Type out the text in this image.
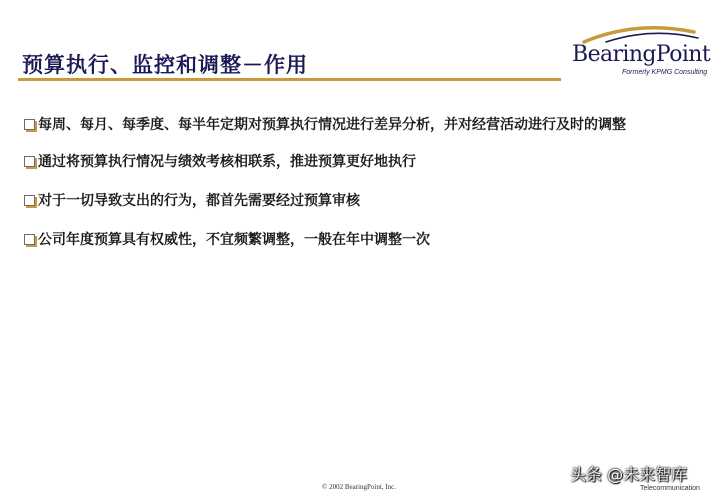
预算执行、监控和调整－作用	BearingPoint
Formerly KPMG Consulting
每周、每月、每季度、每半年定期对预算执行情况进行差异分析，并对经营活动进行及时的调整
通过将预算执行情况与绩效考核相联系，推进预算更好地执行
对于一切导致支出的行为，都首先需要经过预算审核
公司年度预算具有权威性，不宜频繁调整，一般在年中调整一次
© 2002 BearingPoint, Inc.	Telecommunication
头条 @未来智库
